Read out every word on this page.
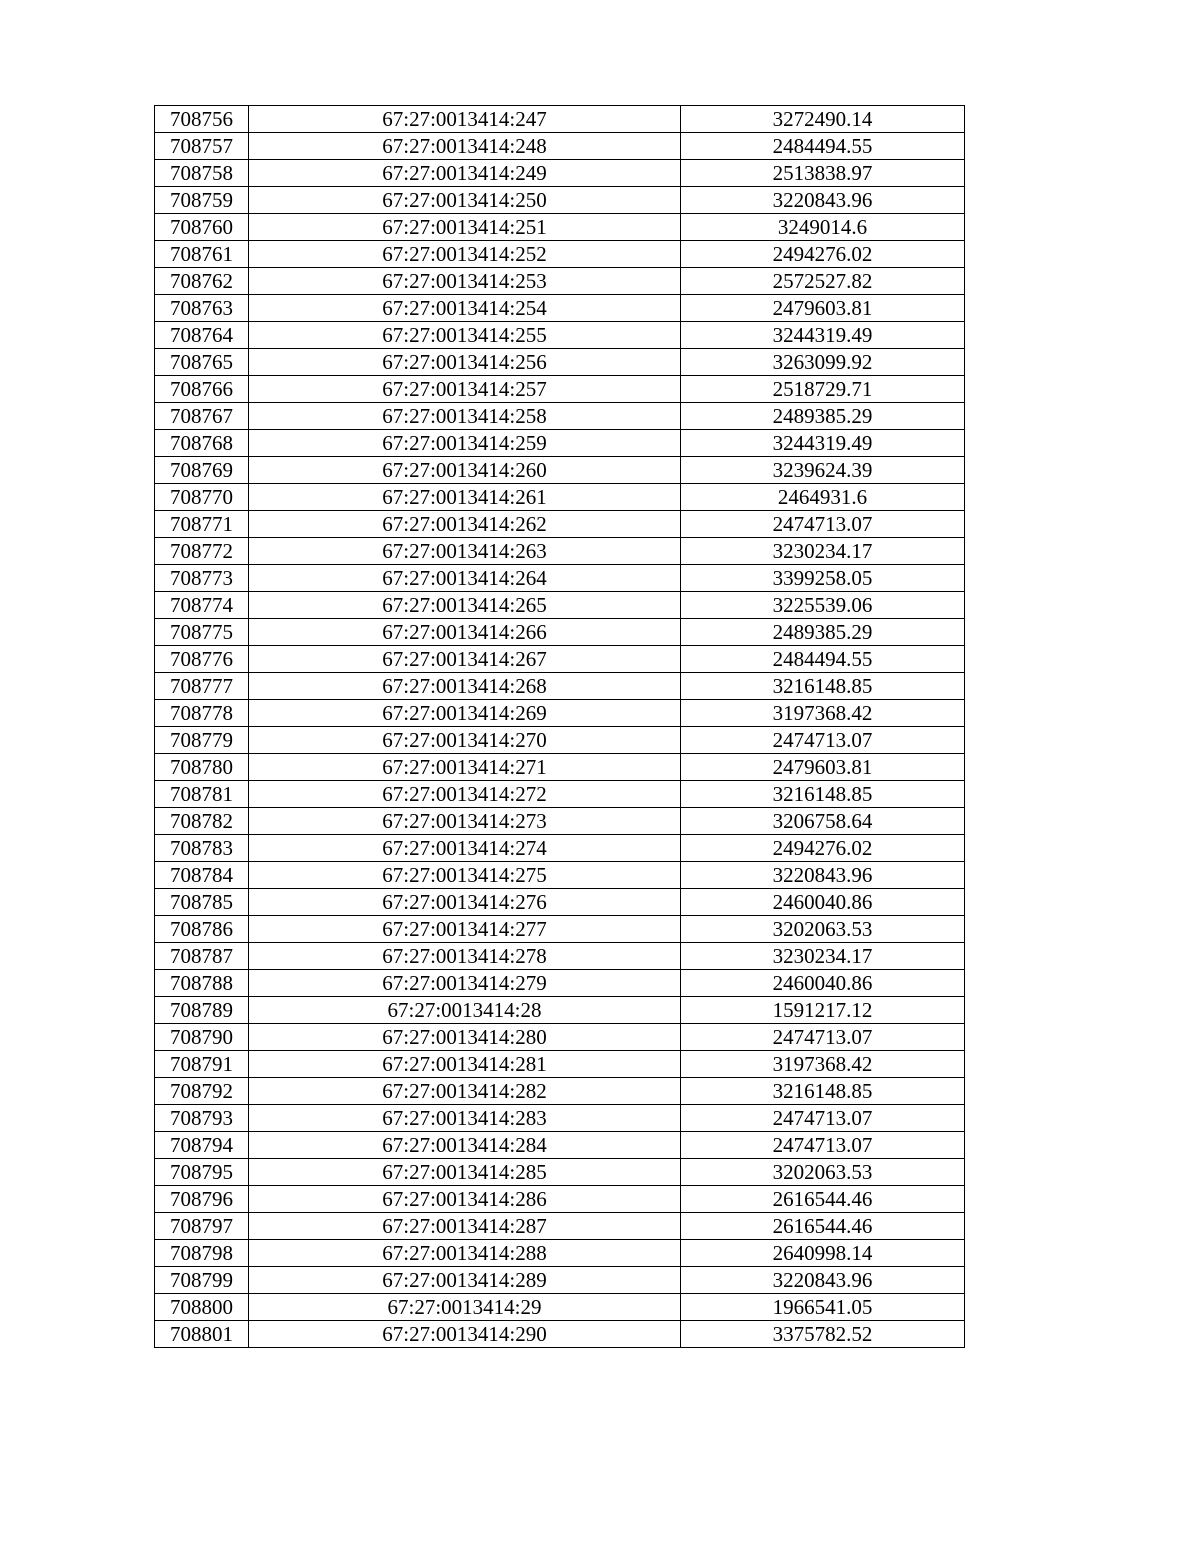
708756	67:27:0013414:247	3272490.14
708757	67:27:0013414:248	2484494.55
708758	67:27:0013414:249	2513838.97
708759	67:27:0013414:250	3220843.96
708760	67:27:0013414:251	3249014.6
708761	67:27:0013414:252	2494276.02
708762	67:27:0013414:253	2572527.82
708763	67:27:0013414:254	2479603.81
708764	67:27:0013414:255	3244319.49
708765	67:27:0013414:256	3263099.92
708766	67:27:0013414:257	2518729.71
708767	67:27:0013414:258	2489385.29
708768	67:27:0013414:259	3244319.49
708769	67:27:0013414:260	3239624.39
708770	67:27:0013414:261	2464931.6
708771	67:27:0013414:262	2474713.07
708772	67:27:0013414:263	3230234.17
708773	67:27:0013414:264	3399258.05
708774	67:27:0013414:265	3225539.06
708775	67:27:0013414:266	2489385.29
708776	67:27:0013414:267	2484494.55
708777	67:27:0013414:268	3216148.85
708778	67:27:0013414:269	3197368.42
708779	67:27:0013414:270	2474713.07
708780	67:27:0013414:271	2479603.81
708781	67:27:0013414:272	3216148.85
708782	67:27:0013414:273	3206758.64
708783	67:27:0013414:274	2494276.02
708784	67:27:0013414:275	3220843.96
708785	67:27:0013414:276	2460040.86
708786	67:27:0013414:277	3202063.53
708787	67:27:0013414:278	3230234.17
708788	67:27:0013414:279	2460040.86
708789	67:27:0013414:28	1591217.12
708790	67:27:0013414:280	2474713.07
708791	67:27:0013414:281	3197368.42
708792	67:27:0013414:282	3216148.85
708793	67:27:0013414:283	2474713.07
708794	67:27:0013414:284	2474713.07
708795	67:27:0013414:285	3202063.53
708796	67:27:0013414:286	2616544.46
708797	67:27:0013414:287	2616544.46
708798	67:27:0013414:288	2640998.14
708799	67:27:0013414:289	3220843.96
708800	67:27:0013414:29	1966541.05
708801	67:27:0013414:290	3375782.52
